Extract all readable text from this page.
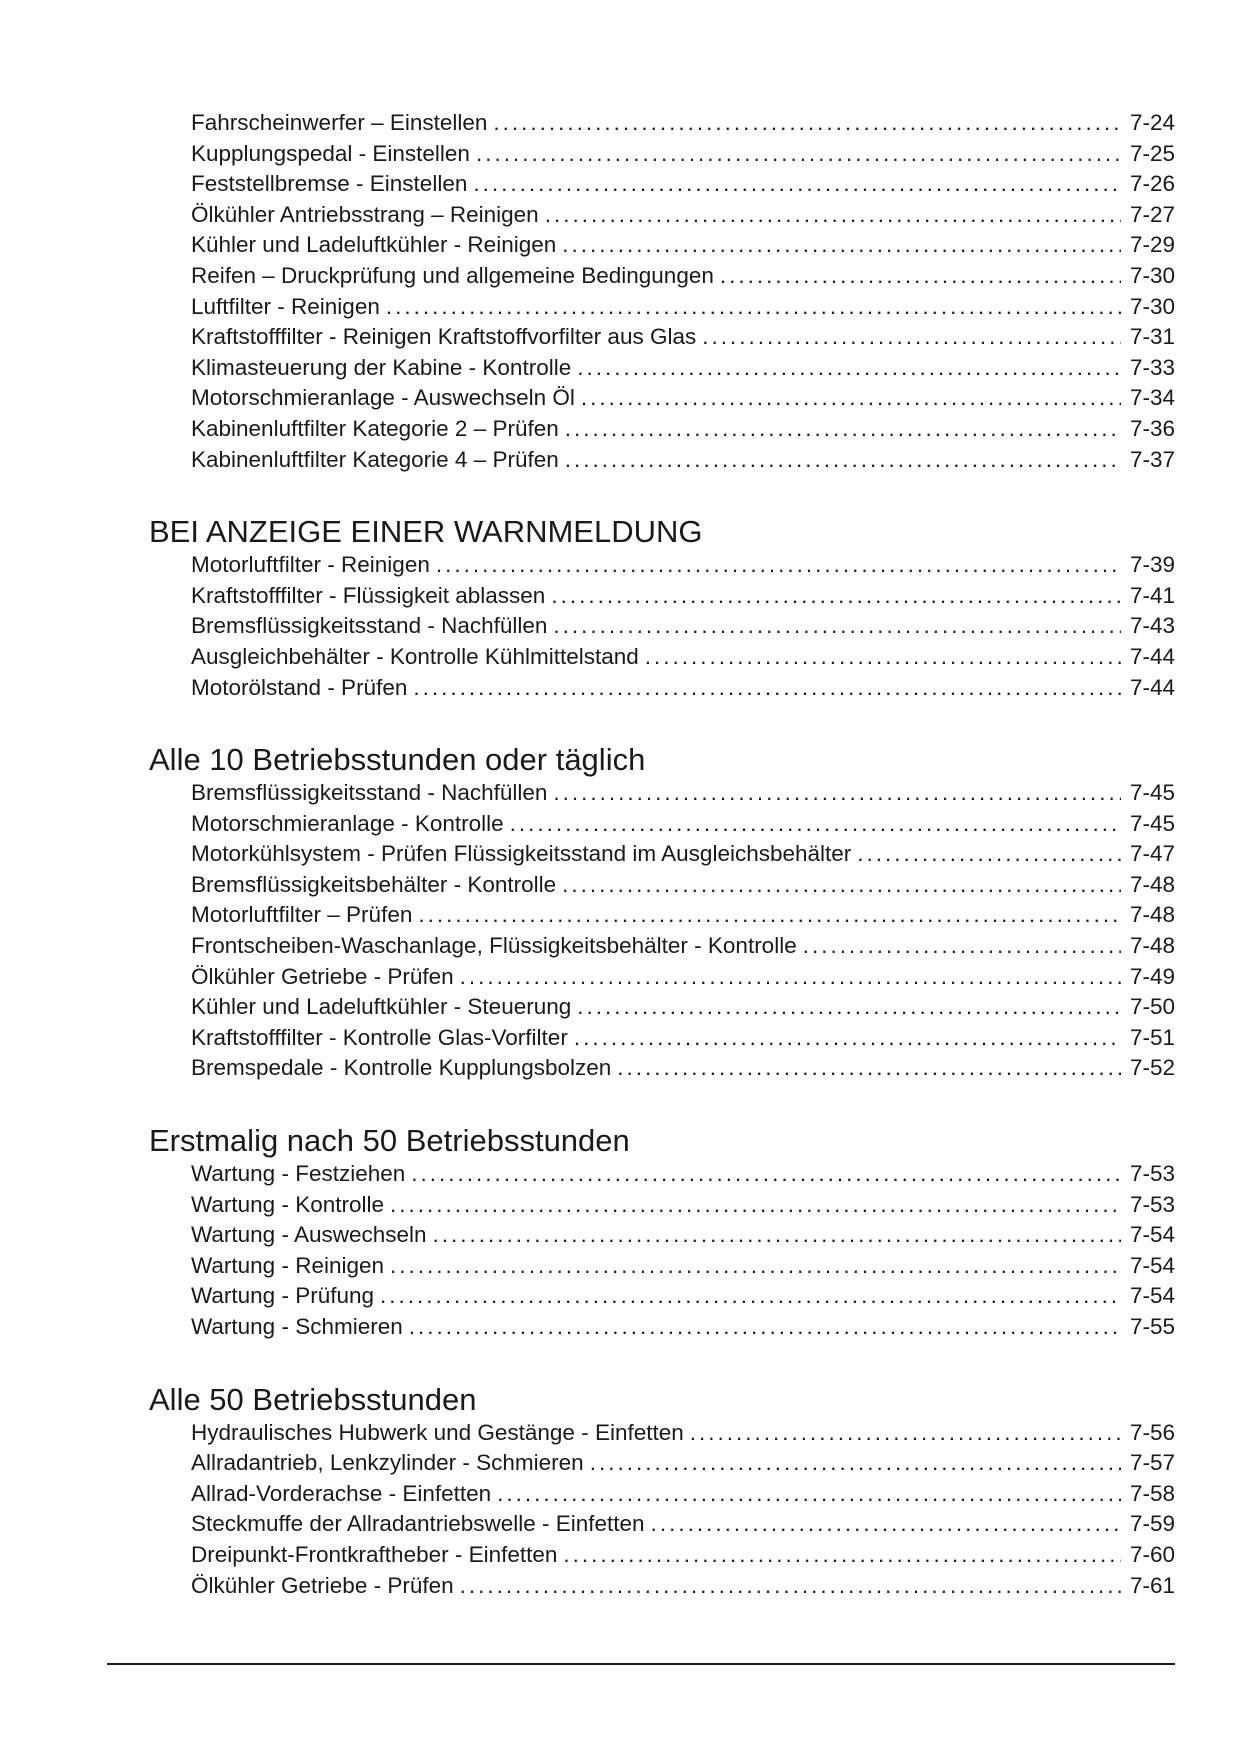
Fahrscheinwerfer – Einstellen .....	7-24
Kupplungspedal - Einstellen .....	7-25
Feststellbremse - Einstellen .....	7-26
Ölkühler Antriebsstrang – Reinigen .....	7-27
Kühler und Ladeluftkühler - Reinigen .....	7-29
Reifen – Druckprüfung und allgemeine Bedingungen .....	7-30
Luftfilter - Reinigen .....	7-30
Kraftstofffilter - Reinigen Kraftstoffvorfilter aus Glas .....	7-31
Klimasteuerung der Kabine - Kontrolle .....	7-33
Motorschmieranlage - Auswechseln Öl .....	7-34
Kabinenluftfilter Kategorie 2 – Prüfen .....	7-36
Kabinenluftfilter Kategorie 4 – Prüfen .....	7-37
BEI ANZEIGE EINER WARNMELDUNG
Motorluftfilter - Reinigen .....	7-39
Kraftstofffilter - Flüssigkeit ablassen .....	7-41
Bremsflüssigkeitsstand - Nachfüllen .....	7-43
Ausgleichbehälter - Kontrolle Kühlmittelstand .....	7-44
Motorölstand - Prüfen .....	7-44
Alle 10 Betriebsstunden oder täglich
Bremsflüssigkeitsstand - Nachfüllen .....	7-45
Motorschmieranlage - Kontrolle .....	7-45
Motorkühlsystem - Prüfen Flüssigkeitsstand im Ausgleichsbehälter .....	7-47
Bremsflüssigkeitsbehälter - Kontrolle .....	7-48
Motorluftfilter – Prüfen .....	7-48
Frontscheiben-Waschanlage, Flüssigkeitsbehälter - Kontrolle .....	7-48
Ölkühler Getriebe - Prüfen .....	7-49
Kühler und Ladeluftkühler - Steuerung .....	7-50
Kraftstofffilter - Kontrolle Glas-Vorfilter .....	7-51
Bremspedale - Kontrolle Kupplungsbolzen .....	7-52
Erstmalig nach 50 Betriebsstunden
Wartung - Festziehen .....	7-53
Wartung - Kontrolle .....	7-53
Wartung - Auswechseln .....	7-54
Wartung - Reinigen .....	7-54
Wartung - Prüfung .....	7-54
Wartung - Schmieren .....	7-55
Alle 50 Betriebsstunden
Hydraulisches Hubwerk und Gestänge - Einfetten .....	7-56
Allradantrieb, Lenkzylinder - Schmieren .....	7-57
Allrad-Vorderachse - Einfetten .....	7-58
Steckmuffe der Allradantriebswelle - Einfetten .....	7-59
Dreipunkt-Frontkraftheber - Einfetten .....	7-60
Ölkühler Getriebe - Prüfen .....	7-61
